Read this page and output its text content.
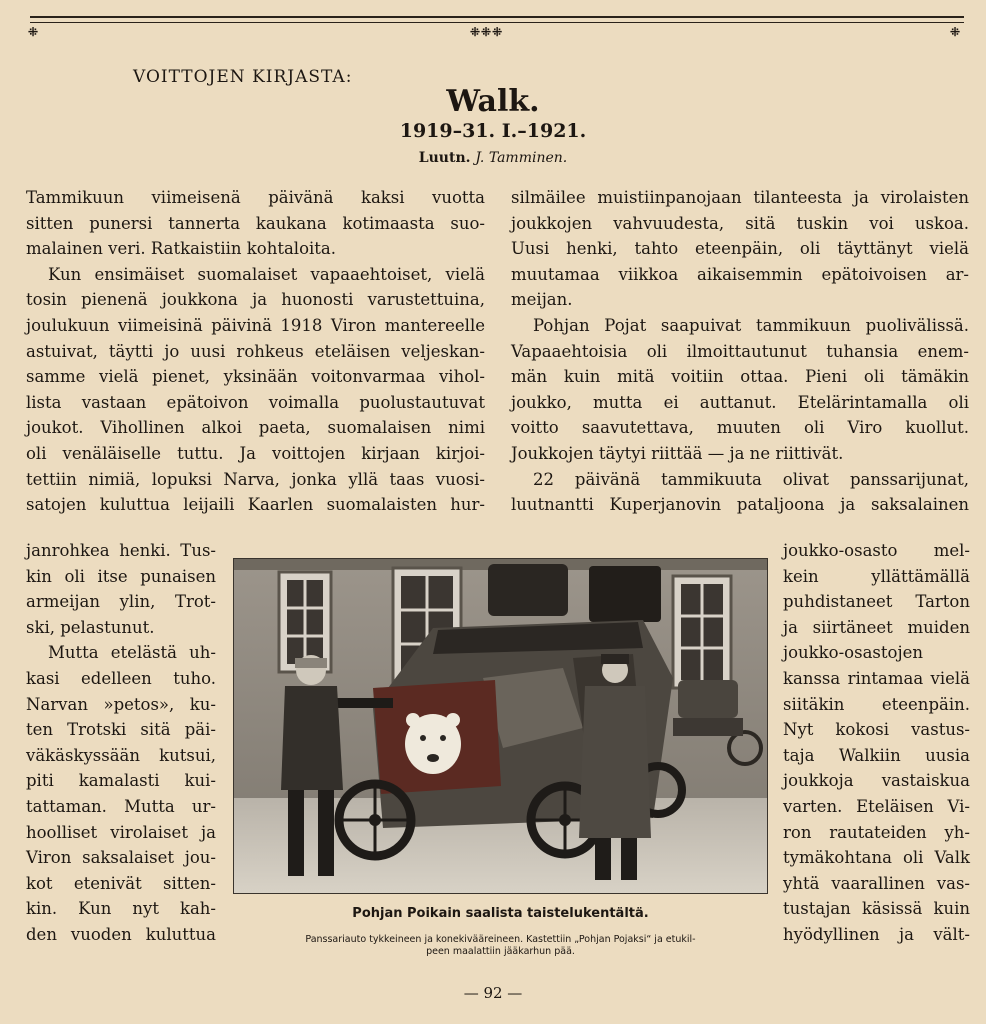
⁜	⁜⁜⁜	⁜
VOITTOJEN KIRJASTA:
Walk.
1919–31. I.–1921.
Luutn. J. Tamminen.
Tammikuun viimeisenä päivänä kaksi vuotta
sitten punersi tannerta kaukana kotimaasta suo-
malainen veri. Ratkaistiin kohtaloita.
Kun ensimäiset suomalaiset vapaaehtoiset, vielä
tosin pienenä joukkona ja huonosti varustettuina,
joulukuun viimeisinä päivinä 1918 Viron mantereelle
astuivat, täytti jo uusi rohkeus eteläisen veljeskan-
samme vielä pienet, yksinään voitonvarmaa vihol-
lista vastaan epätoivon voimalla puolustautuvat
joukot. Vihollinen alkoi paeta, suomalaisen nimi
oli venäläiselle tuttu. Ja voittojen kirjaan kirjoi-
tettiin nimiä, lopuksi Narva, jonka yllä taas vuosi-
satojen kuluttua leijaili Kaarlen suomalaisten hur-
janrohkea henki. Tus-
kin oli itse punaisen
armeijan ylin, Trot-
ski, pelastunut.
Mutta etelästä uh-
kasi edelleen tuho.
Narvan »petos», ku-
ten Trotski sitä päi-
väkäskyssään kutsui,
piti kamalasti kui-
tattaman. Mutta ur-
hoolliset virolaiset ja
Viron saksalaiset jou-
kot etenivät sitten-
kin. Kun nyt kah-
den vuoden kuluttua
silmäilee muistiinpanojaan tilanteesta ja virolaisten
joukkojen vahvuudesta, sitä tuskin voi uskoa.
Uusi henki, tahto eteenpäin, oli täyttänyt vielä
muutamaa viikkoa aikaisemmin epätoivoisen ar-
meijan.
Pohjan Pojat saapuivat tammikuun puolivälissä.
Vapaaehtoisia oli ilmoittautunut tuhansia enem-
män kuin mitä voitiin ottaa. Pieni oli tämäkin
joukko, mutta ei auttanut. Etelärintamalla oli
voitto saavutettava, muuten oli Viro kuollut.
Joukkojen täytyi riittää — ja ne riittivät.
22 päivänä tammikuuta olivat panssarijunat,
luutnantti Kuperjanovin pataljoona ja saksalainen
joukko-osasto mel-
kein yllättämällä
puhdistaneet Tarton
ja siirtäneet muiden
joukko-osastojen
kanssa rintamaa vielä
siitäkin eteenpäin.
Nyt kokosi vastus-
taja Walkiin uusia
joukkoja vastaiskua
varten. Eteläisen Vi-
ron rautateiden yh-
tymäkohtana oli Valk
yhtä vaarallinen vas-
tustajan käsissä kuin
hyödyllinen ja vält-
Pohjan Poikain saalista taistelukentältä.
Panssariauto tykkeineen ja konekivääreineen. Kastettiin „Pohjan Pojaksi“ ja etukil-
peen maalattiin jääkarhun pää.
— 92 —
